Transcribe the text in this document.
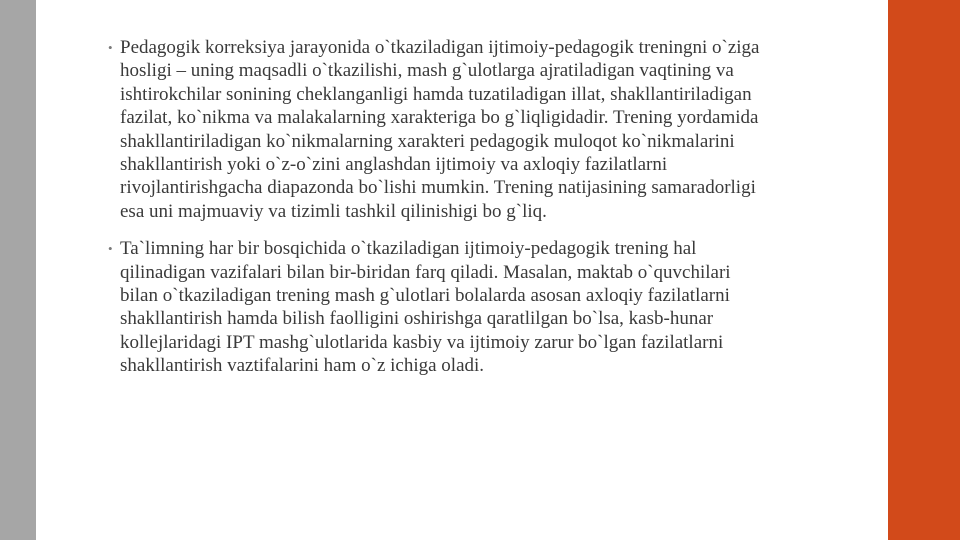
• Pedagogik korreksiya jarayonida o`tkaziladigan ijtimoiy-pedagogik treningni o`ziga hosligi – uning maqsadli o`tkazilishi, mash g`ulotlarga ajratiladigan vaqtining va ishtirokchilar sonining cheklanganligi hamda tuzatiladigan illat, shakllantiriladigan fazilat, ko`nikma va malakalarning xarakteriga bo g`liqligidadir. Trening yordamida shakllantiriladigan ko`nikmalarning xarakteri pedagogik muloqot ko`nikmalarini shakllantirish yoki o`z-o`zini anglashdan ijtimoiy va axloqiy fazilatlarni rivojlantirishgacha diapazonda bo`lishi mumkin. Trening natijasining samaradorligi esa uni majmuaviy va tizimli tashkil qilinishigi bo g`liq.
• Ta`limning har bir bosqichida o`tkaziladigan ijtimoiy-pedagogik trening hal qilinadigan vazifalari bilan bir-biridan farq qiladi. Masalan, maktab o`quvchilari bilan o`tkaziladigan trening mash g`ulotlari bolalarda asosan axloqiy fazilatlarni shakllantirish hamda bilish faolligini oshirishga qaratlilgan bo`lsa, kasb-hunar kollejlaridagi IPT mashg`ulotlarida kasbiy va ijtimoiy zarur bo`lgan fazilatlarni shakllantirish vaztifalarini ham o`z ichiga oladi.
